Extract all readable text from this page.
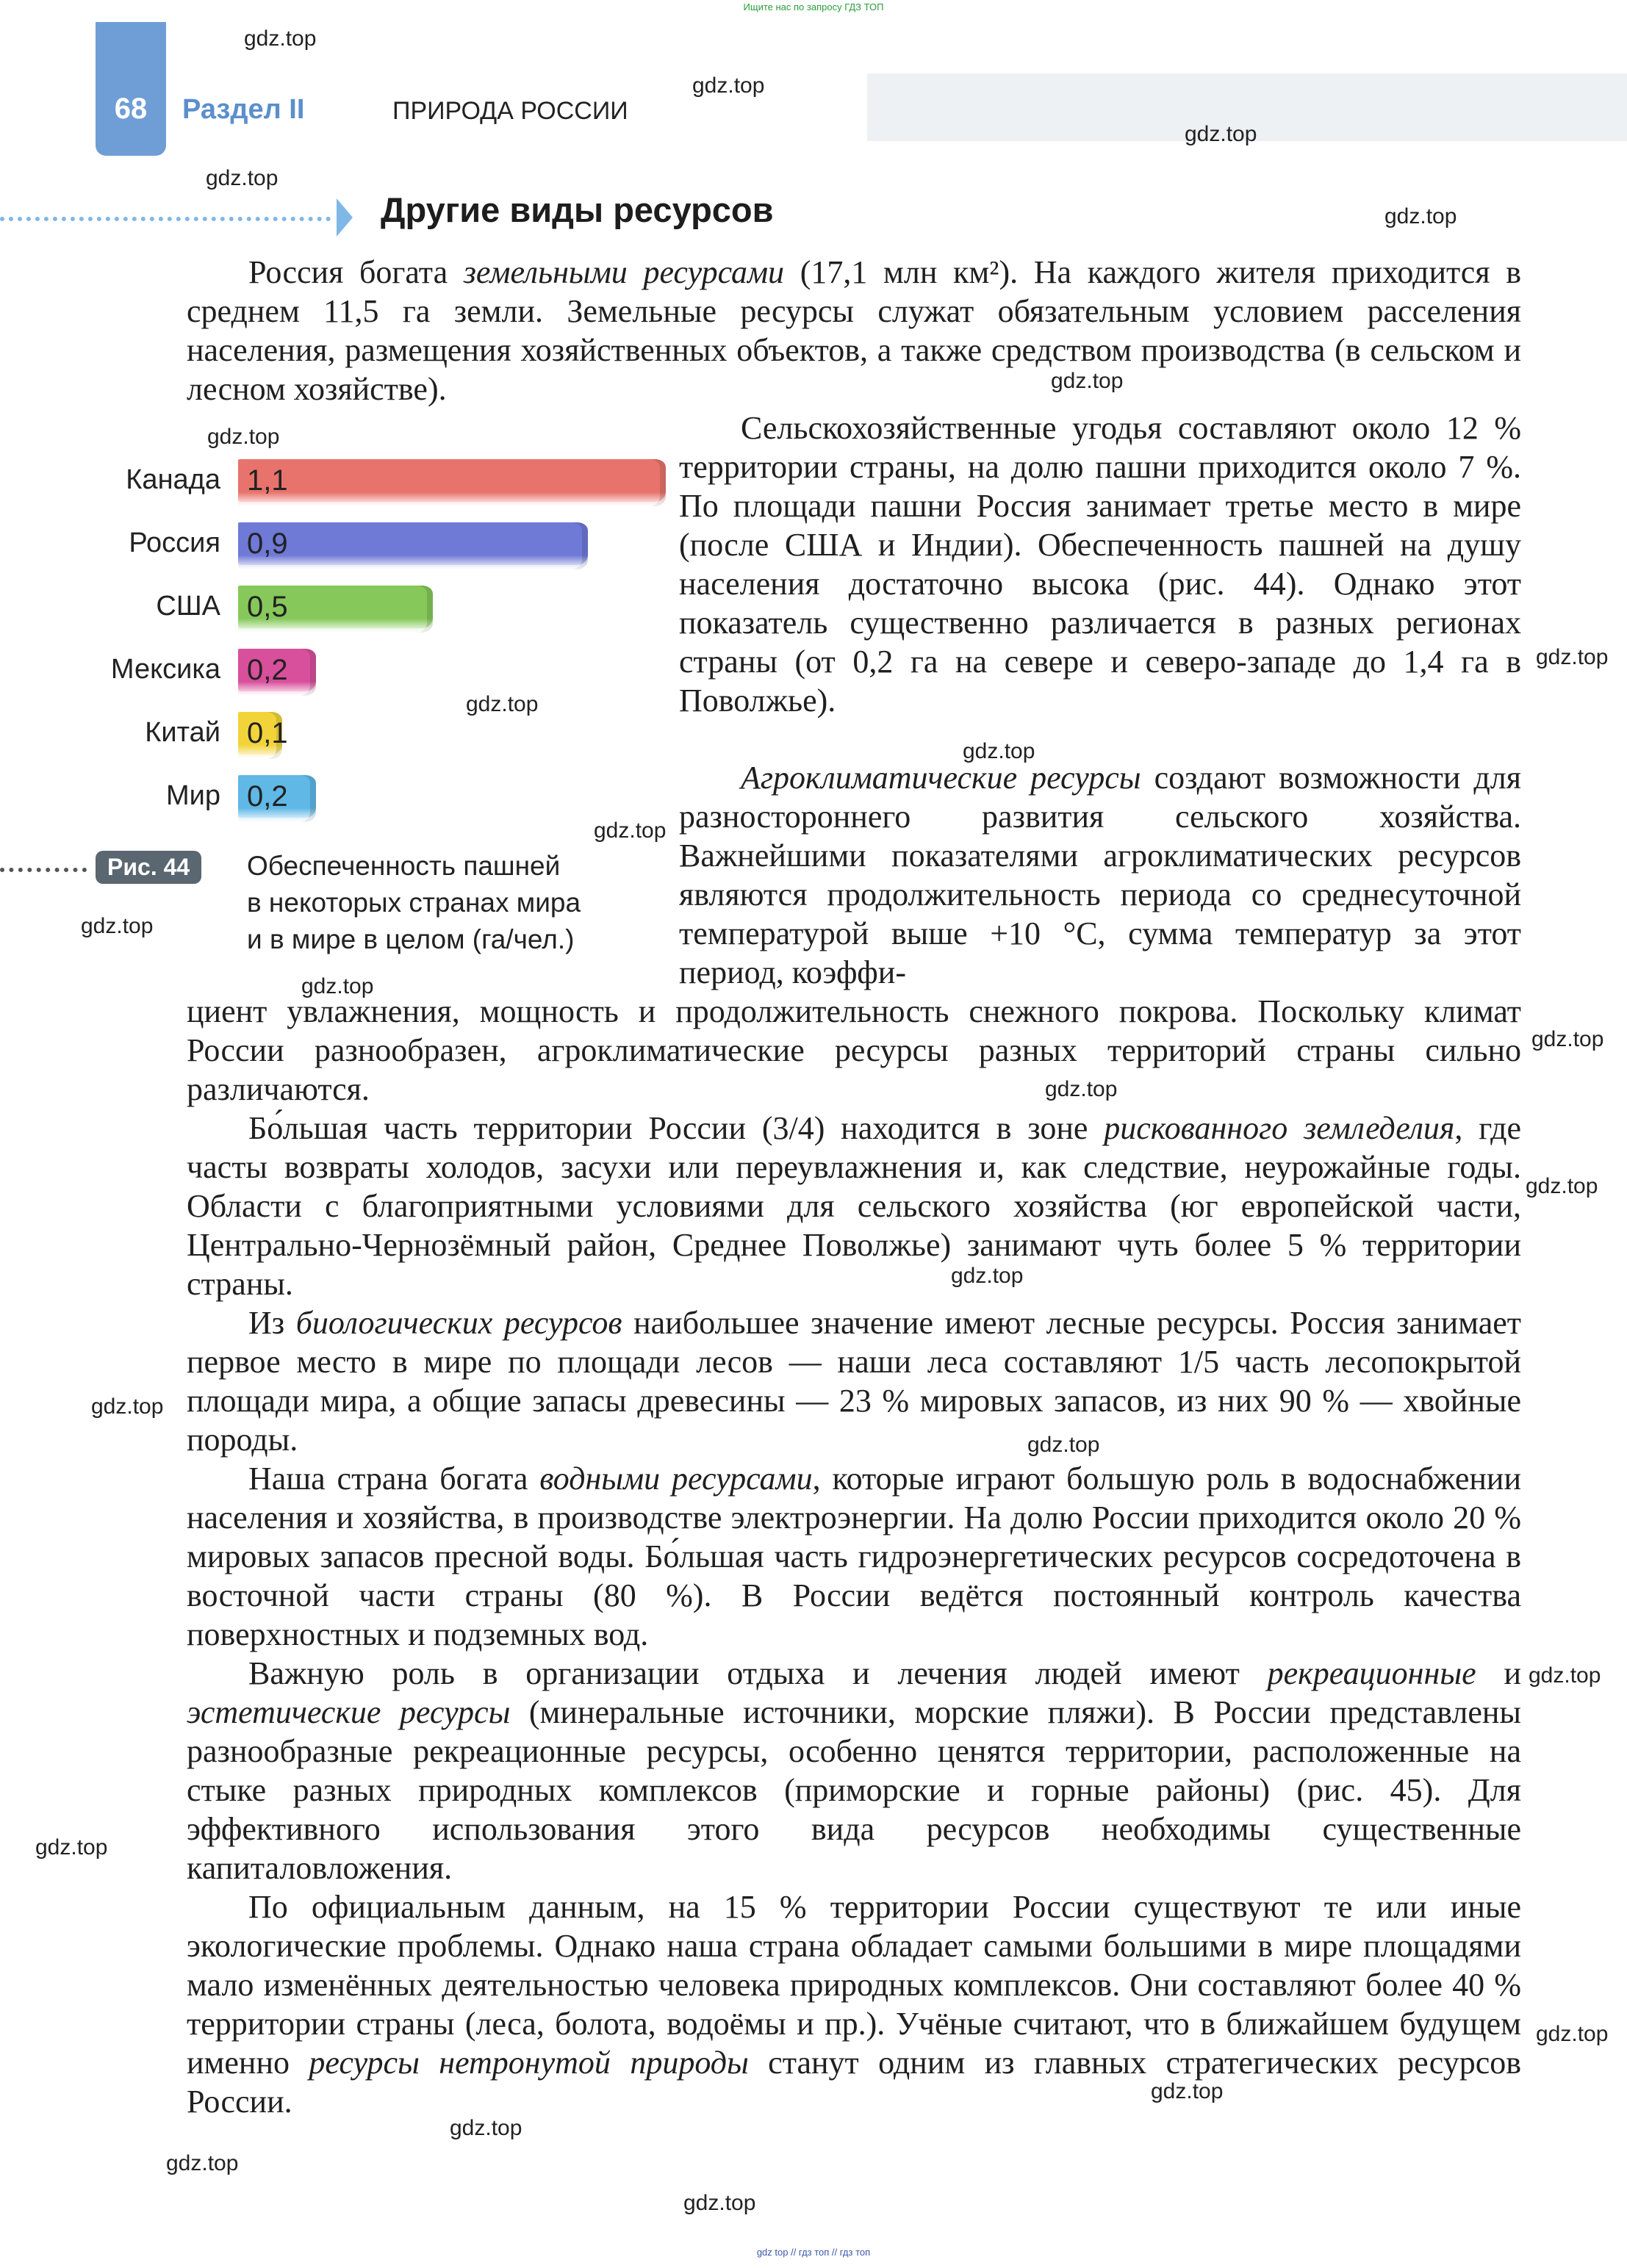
Ищите нас по запросу ГДЗ ТОП
68	Раздел II	ПРИРОДА РОССИИ
Другие виды ресурсов

Россия богата земельными ресурсами (17,1 млн км²). На каждого жителя приходится в среднем 11,5 га земли. Земельные ресурсы служат обязательным условием расселения населения, размещения хозяйственных объектов, а также средством производства (в сельском и лесном хозяйстве).

Сельскохозяйственные угодья составляют около 12 % территории страны, на долю пашни приходится около 7 %. По площади пашни Россия занимает третье место в мире (после США и Индии). Обеспеченность пашней на душу населения достаточно высока (рис. 44). Однако этот показатель существенно различается в разных регионах страны (от 0,2 га на севере и северо-западе до 1,4 га в Поволжье).

Канада 1,1
Россия 0,9
США 0,5
Мексика 0,2
Китай 0,1
Мир 0,2
Рис. 44	Обеспеченность пашней
в некоторых странах мира
и в мире в целом (га/чел.)

Агроклиматические ресурсы создают возможности для разностороннего развития сельского хозяйства. Важнейшими показателями агроклиматических ресурсов являются продолжительность периода со среднесуточной температурой выше +10 °С, сумма температур за этот период, коэффи-

циент увлажнения, мощность и продолжительность снежного покрова. Поскольку климат России разнообразен, агроклиматические ресурсы разных территорий страны сильно различаются.

Бо́льшая часть территории России (3/4) находится в зоне рискованного земледелия, где часты возвраты холодов, засухи или переувлажнения и, как следствие, неурожайные годы. Области с благоприятными условиями для сельского хозяйства (юг европейской части, Центрально-Чернозёмный район, Среднее Поволжье) занимают чуть более 5 % территории страны.

Из биологических ресурсов наибольшее значение имеют лесные ресурсы. Россия занимает первое место в мире по площади лесов — наши леса составляют 1/5 часть лесопокрытой площади мира, а общие запасы древесины — 23 % мировых запасов, из них 90 % — хвойные породы.

Наша страна богата водными ресурсами, которые играют большую роль в водоснабжении населения и хозяйства, в производстве электроэнергии. На долю России приходится около 20 % мировых запасов пресной воды. Бо́льшая часть гидроэнергетических ресурсов сосредоточена в восточной части страны (80 %). В России ведётся постоянный контроль качества поверхностных и подземных вод.

Важную роль в организации отдыха и лечения людей имеют рекреационные и эстетические ресурсы (минеральные источники, морские пляжи). В России представлены разнообразные рекреационные ресурсы, особенно ценятся территории, расположенные на стыке разных природных комплексов (приморские и горные районы) (рис. 45). Для эффективного использования этого вида ресурсов необходимы существенные капиталовложения.

По официальным данным, на 15 % территории России существуют те или иные экологические проблемы. Однако наша страна обладает самыми большими в мире площадями мало изменённых деятельностью человека природных комплексов. Они составляют более 40 % территории страны (леса, болота, водоёмы и пр.). Учёные считают, что в ближайшем будущем именно ресурсы нетронутой природы станут одним из главных стратегических ресурсов России.

gdz.top
gdz.top
gdz.top
gdz.top
gdz.top
gdz.top
gdz.top
gdz.top
gdz.top
gdz.top
gdz.top
gdz.top
gdz.top
gdz.top
gdz.top
gdz.top
gdz.top
gdz.top
gdz.top
gdz.top
gdz.top
gdz.top
gdz.top
gdz.top
gdz.top
gdz.top
gdz top // гдз топ // гдз топ
